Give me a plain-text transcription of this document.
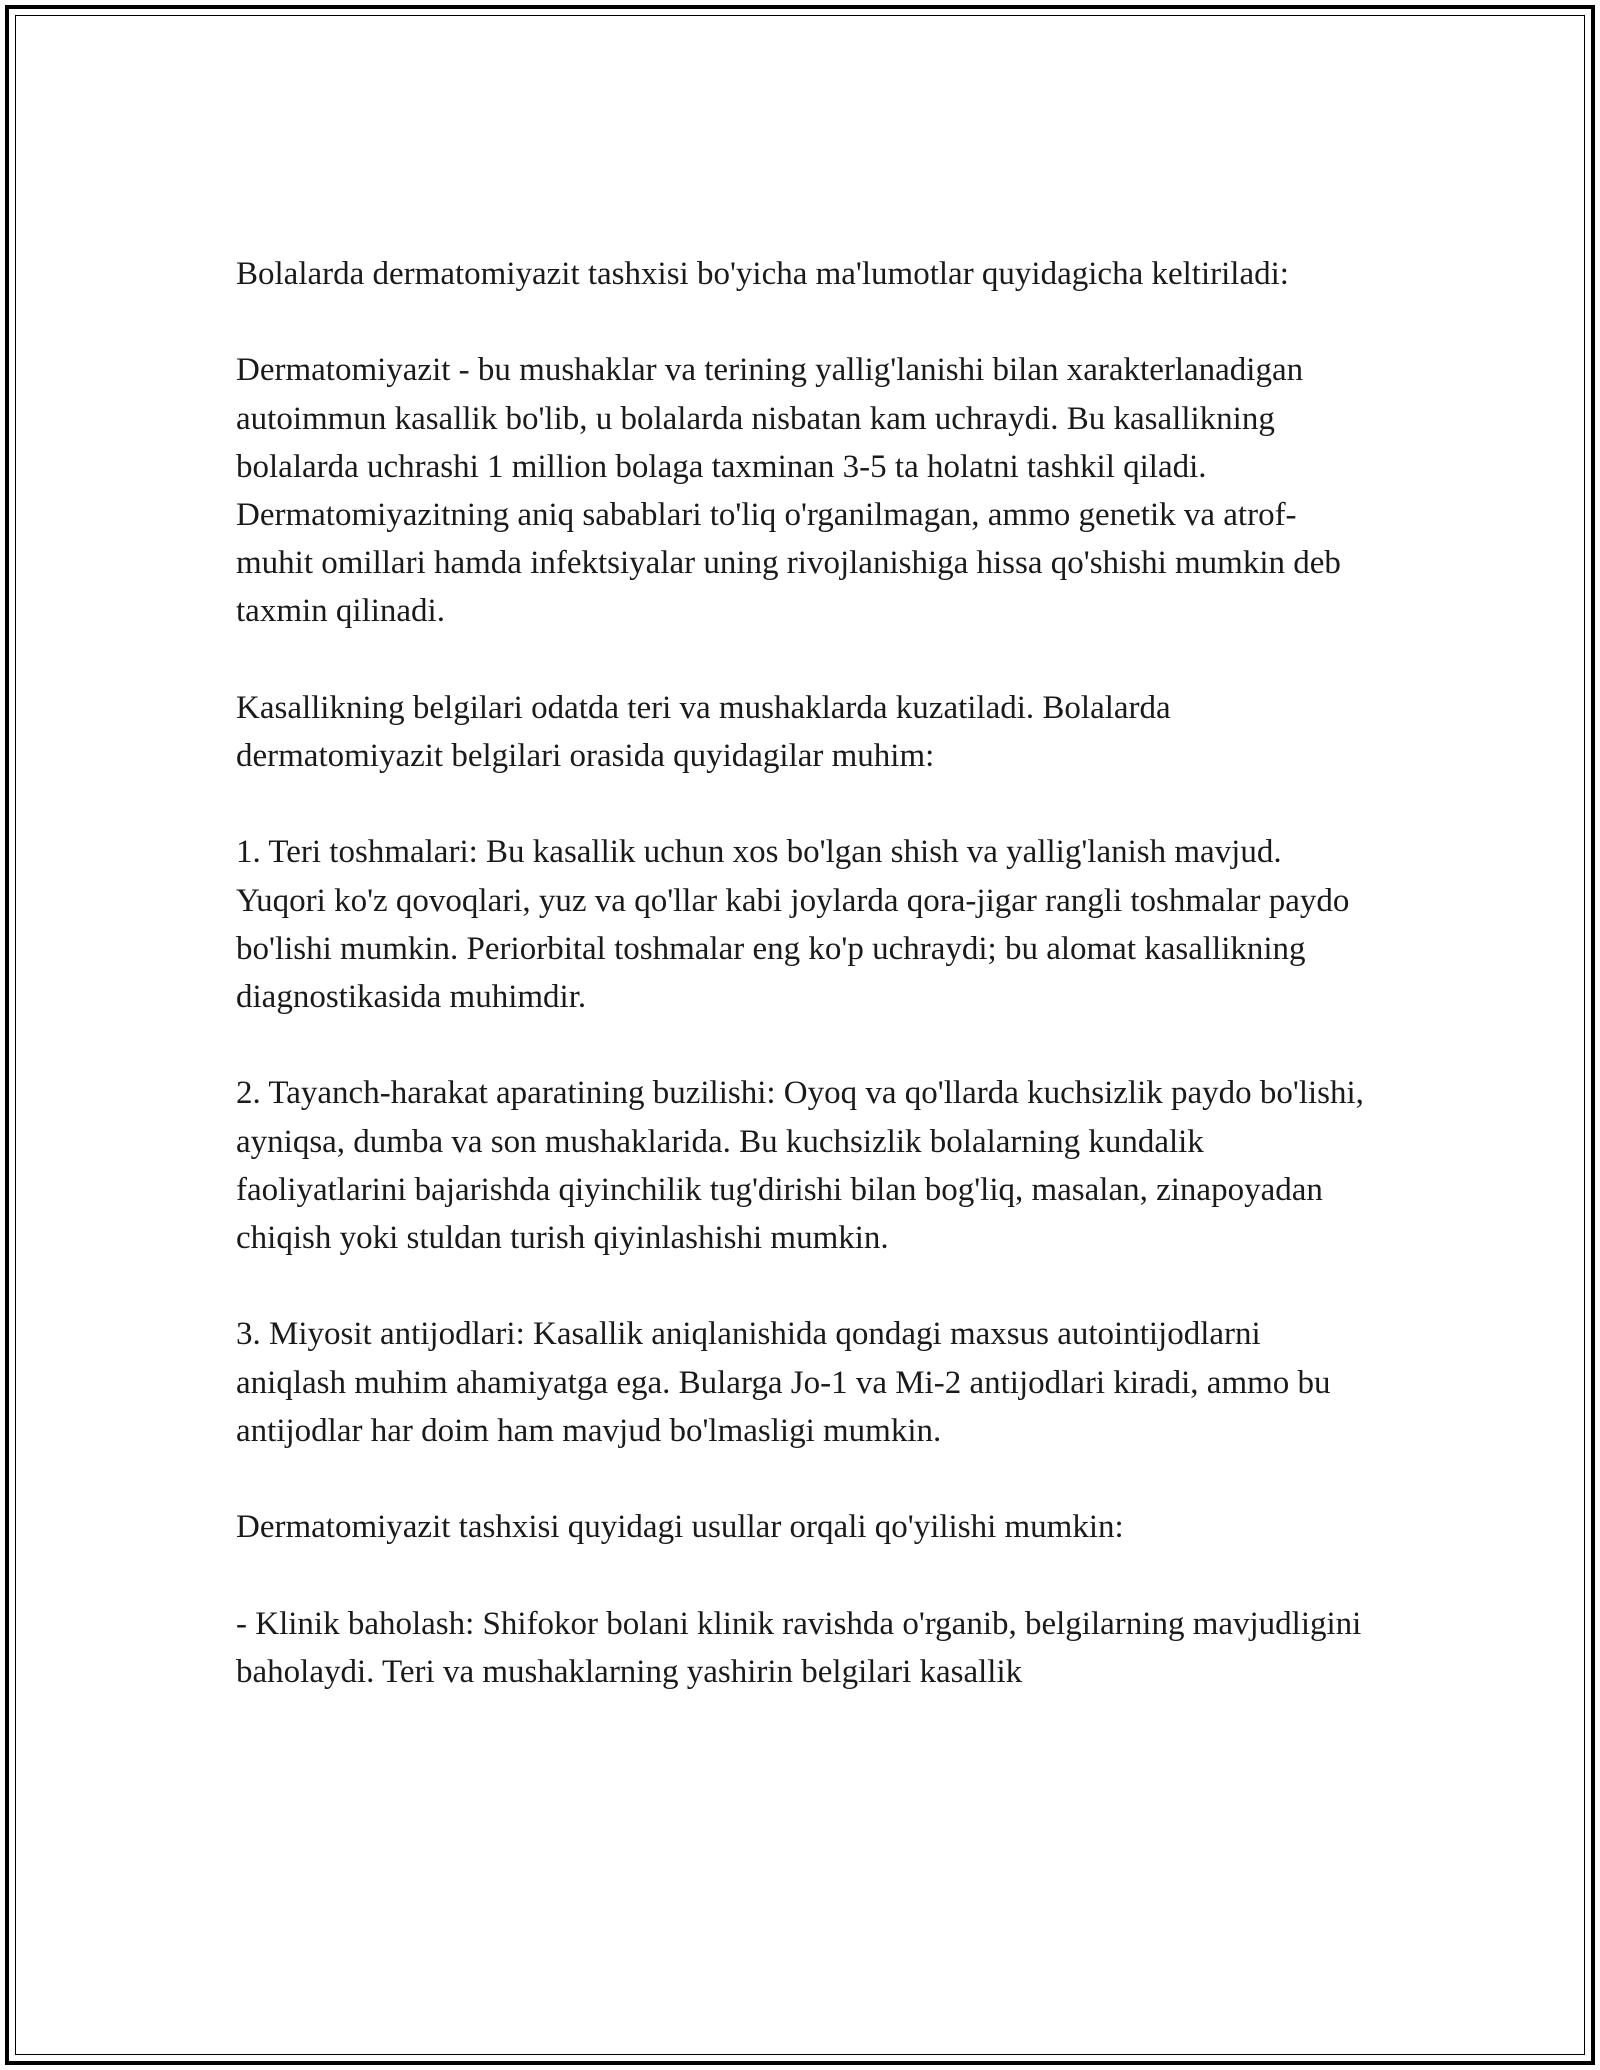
Bolalarda dermatomiyazit tashxisi bo'yicha ma'lumotlar quyidagicha keltiriladi:

Dermatomiyazit - bu mushaklar va terining yallig'lanishi bilan xarakterlanadigan autoimmun kasallik bo'lib, u bolalarda nisbatan kam uchraydi. Bu kasallikning bolalarda uchrashi 1 million bolaga taxminan 3-5 ta holatni tashkil qiladi. Dermatomiyazitning aniq sabablari to'liq o'rganilmagan, ammo genetik va atrof-muhit omillari hamda infektsiyalar uning rivojlanishiga hissa qo'shishi mumkin deb taxmin qilinadi.

Kasallikning belgilari odatda teri va mushaklarda kuzatiladi. Bolalarda dermatomiyazit belgilari orasida quyidagilar muhim:

1. Teri toshmalari: Bu kasallik uchun xos bo'lgan shish va yallig'lanish mavjud. Yuqori ko'z qovoqlari, yuz va qo'llar kabi joylarda qora-jigar rangli toshmalar paydo bo'lishi mumkin. Periorbital toshmalar eng ko'p uchraydi; bu alomat kasallikning diagnostikasida muhimdir.

2. Tayanch-harakat aparatining buzilishi: Oyoq va qo'llarda kuchsizlik paydo bo'lishi, ayniqsa, dumba va son mushaklarida. Bu kuchsizlik bolalarning kundalik faoliyatlarini bajarishda qiyinchilik tug'dirishi bilan bog'liq, masalan, zinapoyadan chiqish yoki stuldan turish qiyinlashishi mumkin.

3. Miyosit antijodlari: Kasallik aniqlanishida qondagi maxsus autointijodlarni aniqlash muhim ahamiyatga ega. Bularga Jo-1 va Mi-2 antijodlari kiradi, ammo bu antijodlar har doim ham mavjud bo'lmasligi mumkin.

Dermatomiyazit tashxisi quyidagi usullar orqali qo'yilishi mumkin:

- Klinik baholash: Shifokor bolani klinik ravishda o'rganib, belgilarning mavjudligini baholaydi. Teri va mushaklarning yashirin belgilari kasallik
